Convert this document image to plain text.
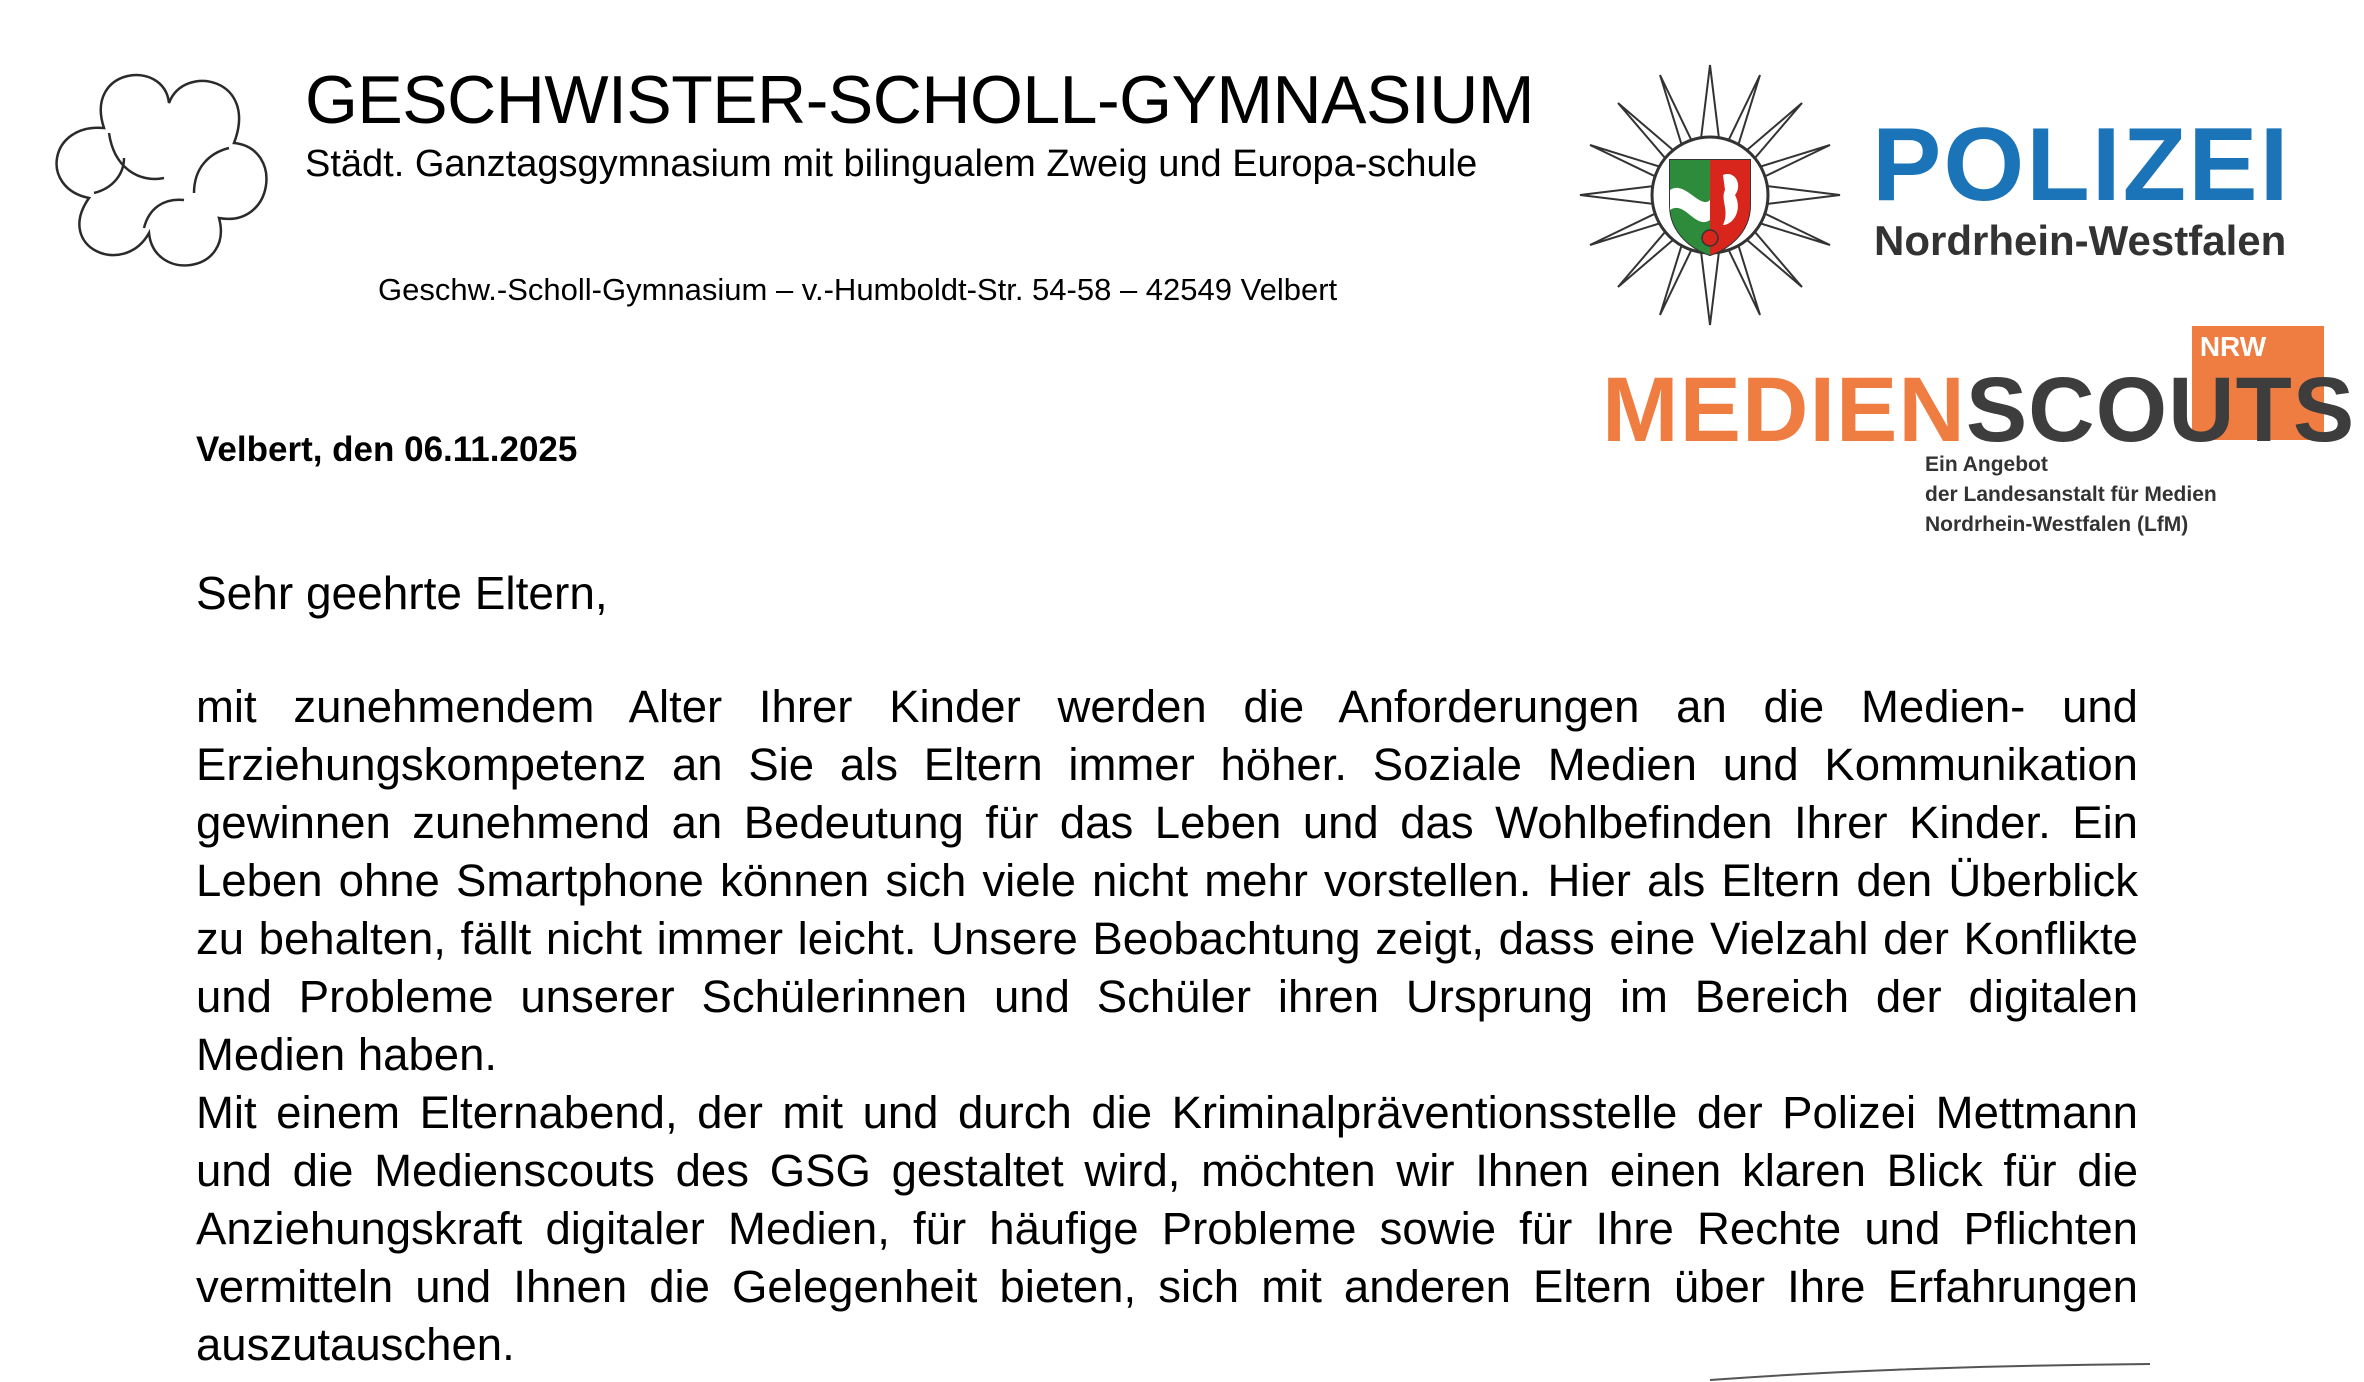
GESCHWISTER-SCHOLL-GYMNASIUM
Städt. Ganztagsgymnasium mit bilingualem Zweig und Europa-schule
Geschw.-Scholl-Gymnasium – v.-Humboldt-Str. 54-58 – 42549 Velbert
POLIZEI
Nordrhein-Westfalen
NRW
MEDIENSCOUTS
Ein Angebot
der Landesanstalt für Medien
Nordrhein-Westfalen (LfM)
Velbert, den 06.11.2025
Sehr geehrte Eltern,

mit zunehmendem Alter Ihrer Kinder werden die Anforderungen an die Medien- und Erziehungskompetenz an Sie als Eltern immer höher. Soziale Medien und Kommunikation gewinnen zunehmend an Bedeutung für das Leben und das Wohlbefinden Ihrer Kinder. Ein Leben ohne Smartphone können sich viele nicht mehr vorstellen. Hier als Eltern den Überblick zu behalten, fällt nicht immer leicht. Unsere Beobachtung zeigt, dass eine Vielzahl der Konflikte und Probleme unserer Schülerinnen und Schüler ihren Ursprung im Bereich der digitalen Medien haben.

Mit einem Elternabend, der mit und durch die Kriminalpräventionsstelle der Polizei Mettmann und die Medienscouts des GSG gestaltet wird, möchten wir Ihnen einen klaren Blick für die Anziehungskraft digitaler Medien, für häufige Probleme sowie für Ihre Rechte und Pflichten vermitteln und Ihnen die Gelegenheit bieten, sich mit anderen Eltern über Ihre Erfahrungen auszutauschen.
